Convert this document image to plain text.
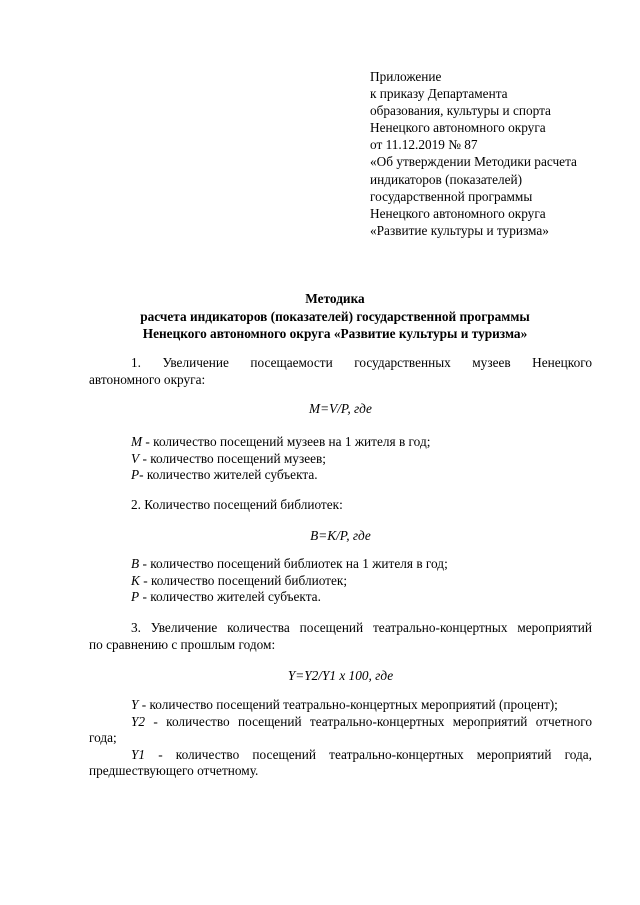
Приложение
к приказу Департамента
образования, культуры и спорта
Ненецкого автономного округа
от 11.12.2019 № 87
«Об утверждении Методики расчета
индикаторов (показателей)
государственной программы
Ненецкого автономного округа
«Развитие культуры и туризма»
Методика
расчета индикаторов (показателей) государственной программы
Ненецкого автономного округа «Развитие культуры и туризма»
1. Увеличение посещаемости государственных музеев Ненецкого
автономного округа:
M=V/P, где
M - количество посещений музеев на 1 жителя в год;
V - количество посещений музеев;
P- количество жителей субъекта.
2. Количество посещений библиотек:
B=K/P, где
B - количество посещений библиотек на 1 жителя в год;
K - количество посещений библиотек;
P - количество жителей субъекта.
3. Увеличение количества посещений театрально-концертных мероприятий
по сравнению с прошлым годом:
Y=Y2/Y1 x 100, где
Y - количество посещений театрально-концертных мероприятий (процент);
Y2 - количество посещений театрально-концертных мероприятий отчетного
года;
Y1 - количество посещений театрально-концертных мероприятий года,
предшествующего отчетному.
